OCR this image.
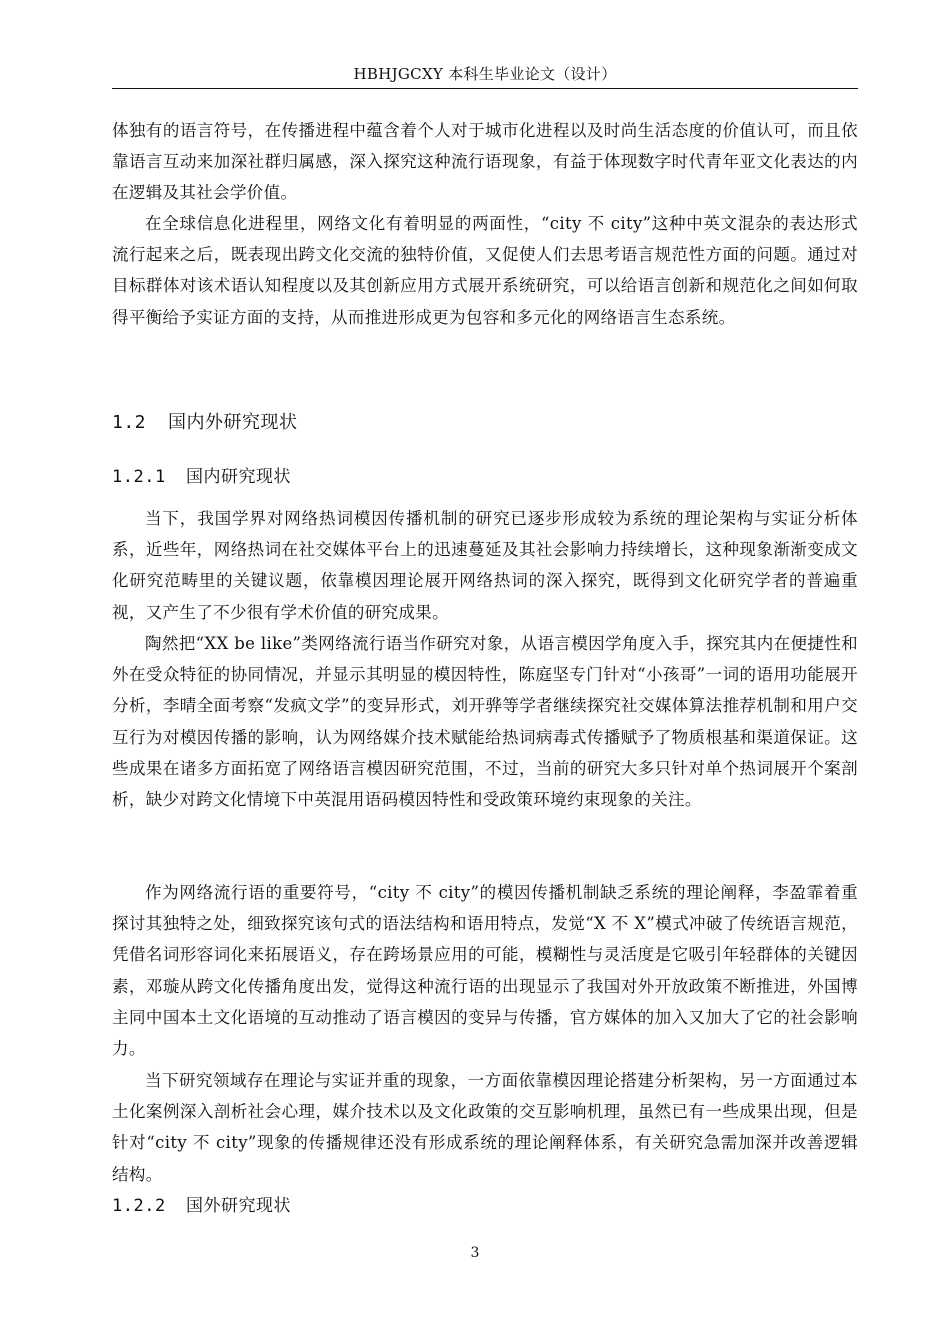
HBHJGCXY 本科生毕业论文（设计）

体独有的语言符号，在传播进程中蕴含着个人对于城市化进程以及时尚生活态度的价值认可，而且依靠语言互动来加深社群归属感，深入探究这种流行语现象，有益于体现数字时代青年亚文化表达的内在逻辑及其社会学价值。

在全球信息化进程里，网络文化有着明显的两面性，“city 不 city”这种中英文混杂的表达形式流行起来之后，既表现出跨文化交流的独特价值，又促使人们去思考语言规范性方面的问题。通过对目标群体对该术语认知程度以及其创新应用方式展开系统研究，可以给语言创新和规范化之间如何取得平衡给予实证方面的支持，从而推进形成更为包容和多元化的网络语言生态系统。

1.2 国内外研究现状
1.2.1 国内研究现状

当下，我国学界对网络热词模因传播机制的研究已逐步形成较为系统的理论架构与实证分析体系，近些年，网络热词在社交媒体平台上的迅速蔓延及其社会影响力持续增长，这种现象渐渐变成文化研究范畴里的关键议题，依靠模因理论展开网络热词的深入探究，既得到文化研究学者的普遍重视，又产生了不少很有学术价值的研究成果。

陶然把“XX be like”类网络流行语当作研究对象，从语言模因学角度入手，探究其内在便捷性和外在受众特征的协同情况，并显示其明显的模因特性，陈庭坚专门针对“小孩哥”一词的语用功能展开分析，李晴全面考察“发疯文学”的变异形式，刘开骅等学者继续探究社交媒体算法推荐机制和用户交互行为对模因传播的影响，认为网络媒介技术赋能给热词病毒式传播赋予了物质根基和渠道保证。这些成果在诸多方面拓宽了网络语言模因研究范围，不过，当前的研究大多只针对单个热词展开个案剖析，缺少对跨文化情境下中英混用语码模因特性和受政策环境约束现象的关注。

作为网络流行语的重要符号，“city 不 city”的模因传播机制缺乏系统的理论阐释，李盈霏着重探讨其独特之处，细致探究该句式的语法结构和语用特点，发觉“X 不 X”模式冲破了传统语言规范，凭借名词形容词化来拓展语义，存在跨场景应用的可能，模糊性与灵活度是它吸引年轻群体的关键因素，邓璇从跨文化传播角度出发，觉得这种流行语的出现显示了我国对外开放政策不断推进，外国博主同中国本土文化语境的互动推动了语言模因的变异与传播，官方媒体的加入又加大了它的社会影响力。

当下研究领域存在理论与实证并重的现象，一方面依靠模因理论搭建分析架构，另一方面通过本土化案例深入剖析社会心理，媒介技术以及文化政策的交互影响机理，虽然已有一些成果出现，但是针对“city 不 city”现象的传播规律还没有形成系统的理论阐释体系，有关研究急需加深并改善逻辑结构。

1.2.2 国外研究现状
3
